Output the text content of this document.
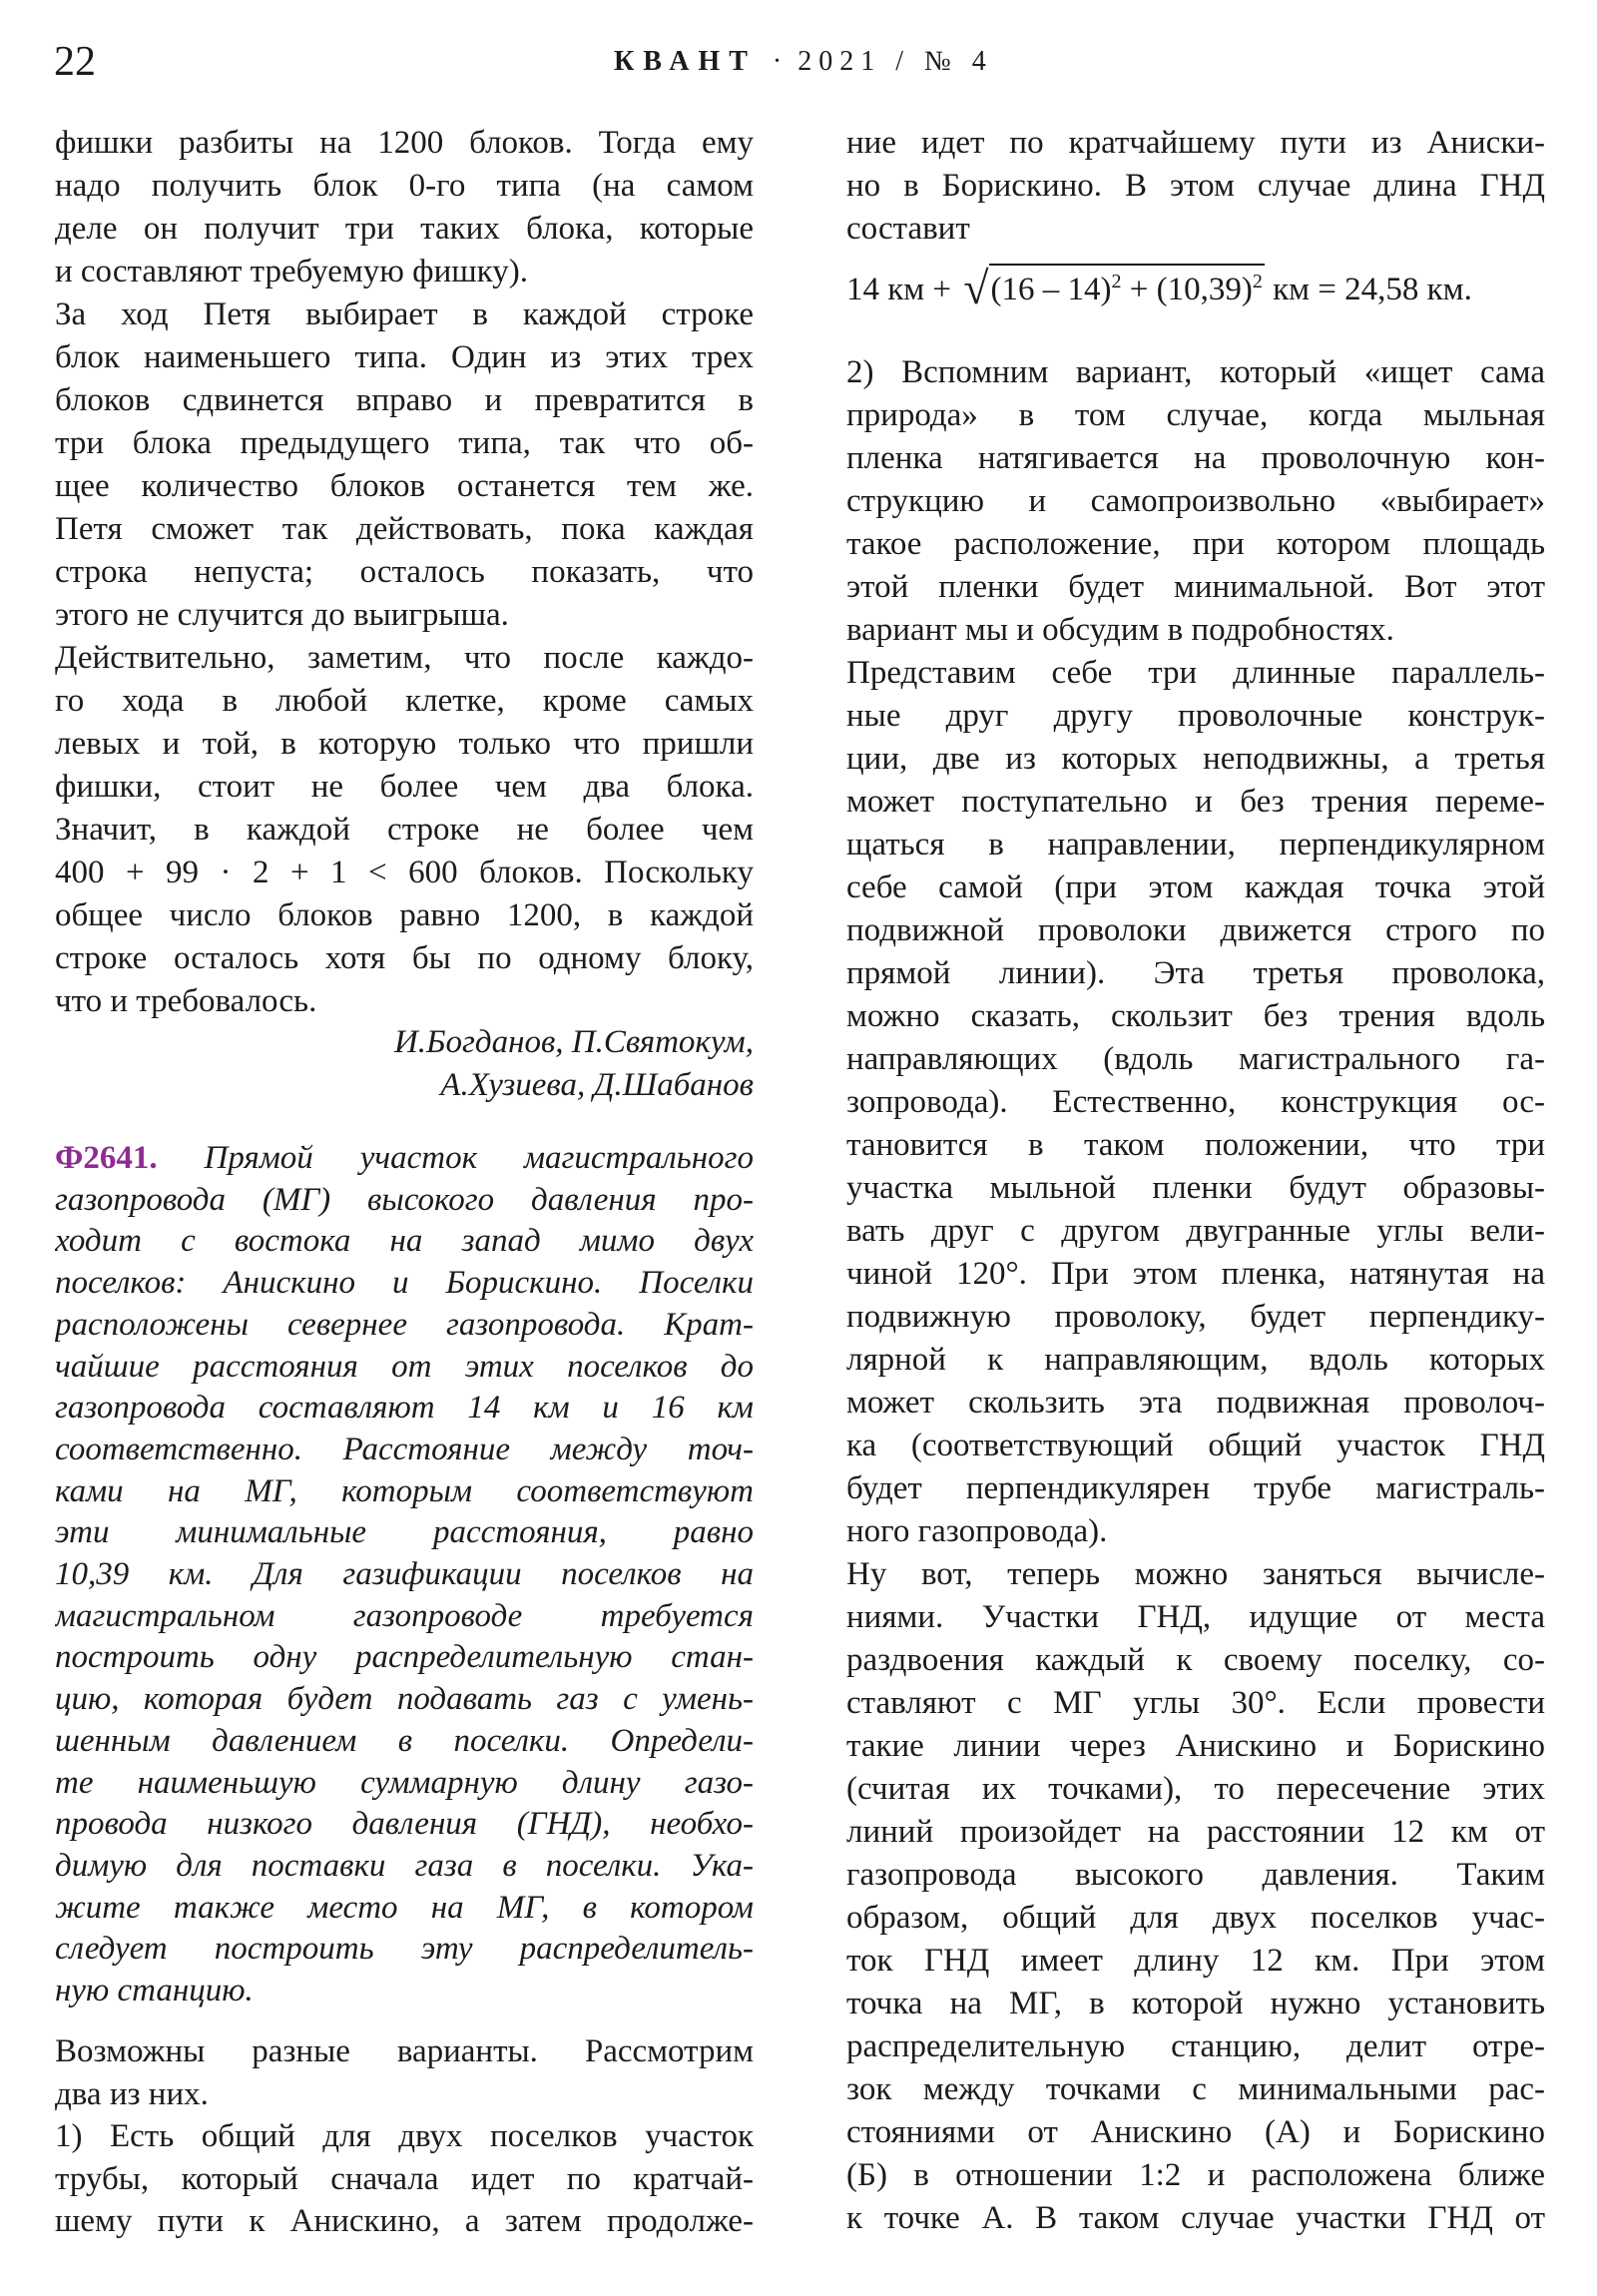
22	КВАНТ · 2021 / № 4
фишки разбиты на 1200 блоков. Тогда ему
надо получить блок 0-го типа (на самом
деле он получит три таких блока, которые
и составляют требуемую фишку).
За ход Петя выбирает в каждой строке
блок наименьшего типа. Один из этих трех
блоков сдвинется вправо и превратится в
три блока предыдущего типа, так что об-
щее количество блоков останется тем же.
Петя сможет так действовать, пока каждая
строка непуста; осталось показать, что
этого не случится до выигрыша.
Действительно, заметим, что после каждо-
го хода в любой клетке, кроме самых
левых и той, в которую только что пришли
фишки, стоит не более чем два блока.
Значит, в каждой строке не более чем
400 + 99 · 2 + 1 < 600 блоков. Поскольку
общее число блоков равно 1200, в каждой
строке осталось хотя бы по одному блоку,
что и требовалось.
И.Богданов, П.Святокум,
А.Хузиева, Д.Шабанов
Ф2641. Прямой участок магистрального
газопровода (МГ) высокого давления про-
ходит с востока на запад мимо двух
поселков: Анискино и Борискино. Поселки
расположены севернее газопровода. Крат-
чайшие расстояния от этих поселков до
газопровода составляют 14 км и 16 км
соответственно. Расстояние между точ-
ками на МГ, которым соответствуют
эти минимальные расстояния, равно
10,39 км. Для газификации поселков на
магистральном газопроводе требуется
построить одну распределительную стан-
цию, которая будет подавать газ с умень-
шенным давлением в поселки. Определи-
те наименьшую суммарную длину газо-
провода низкого давления (ГНД), необхо-
димую для поставки газа в поселки. Ука-
жите также место на МГ, в котором
следует построить эту распределитель-
ную станцию.
Возможны разные варианты. Рассмотрим
два из них.
1) Есть общий для двух поселков участок
трубы, который сначала идет по кратчай-
шему пути к Анискино, а затем продолже-
ние идет по кратчайшему пути из Аниски-
но в Борискино. В этом случае длина ГНД
составит
14 км + $√(16 - 14)^2 + (10,39)^2$ км = 24,58 км.
2) Вспомним вариант, который «ищет сама
природа» в том случае, когда мыльная
пленка натягивается на проволочную кон-
струкцию и самопроизвольно «выбирает»
такое расположение, при котором площадь
этой пленки будет минимальной. Вот этот
вариант мы и обсудим в подробностях.
Представим себе три длинные параллель-
ные друг другу проволочные конструк-
ции, две из которых неподвижны, а третья
может поступательно и без трения переме-
щаться в направлении, перпендикулярном
себе самой (при этом каждая точка этой
подвижной проволоки движется строго по
прямой линии). Эта третья проволока,
можно сказать, скользит без трения вдоль
направляющих (вдоль магистрального га-
зопровода). Естественно, конструкция ос-
тановится в таком положении, что три
участка мыльной пленки будут образовы-
вать друг с другом двугранные углы вели-
чиной 120°. При этом пленка, натянутая на
подвижную проволоку, будет перпендику-
лярной к направляющим, вдоль которых
может скользить эта подвижная проволоч-
ка (соответствующий общий участок ГНД
будет перпендикулярен трубе магистраль-
ного газопровода).
Ну вот, теперь можно заняться вычисле-
ниями. Участки ГНД, идущие от места
раздвоения каждый к своему поселку, со-
ставляют с МГ углы 30°. Если провести
такие линии через Анискино и Борискино
(считая их точками), то пересечение этих
линий произойдет на расстоянии 12 км от
газопровода высокого давления. Таким
образом, общий для двух поселков учас-
ток ГНД имеет длину 12 км. При этом
точка на МГ, в которой нужно установить
распределительную станцию, делит отре-
зок между точками с минимальными рас-
стояниями от Анискино (А) и Борискино
(Б) в отношении 1:2 и расположена ближе
к точке А. В таком случае участки ГНД от
